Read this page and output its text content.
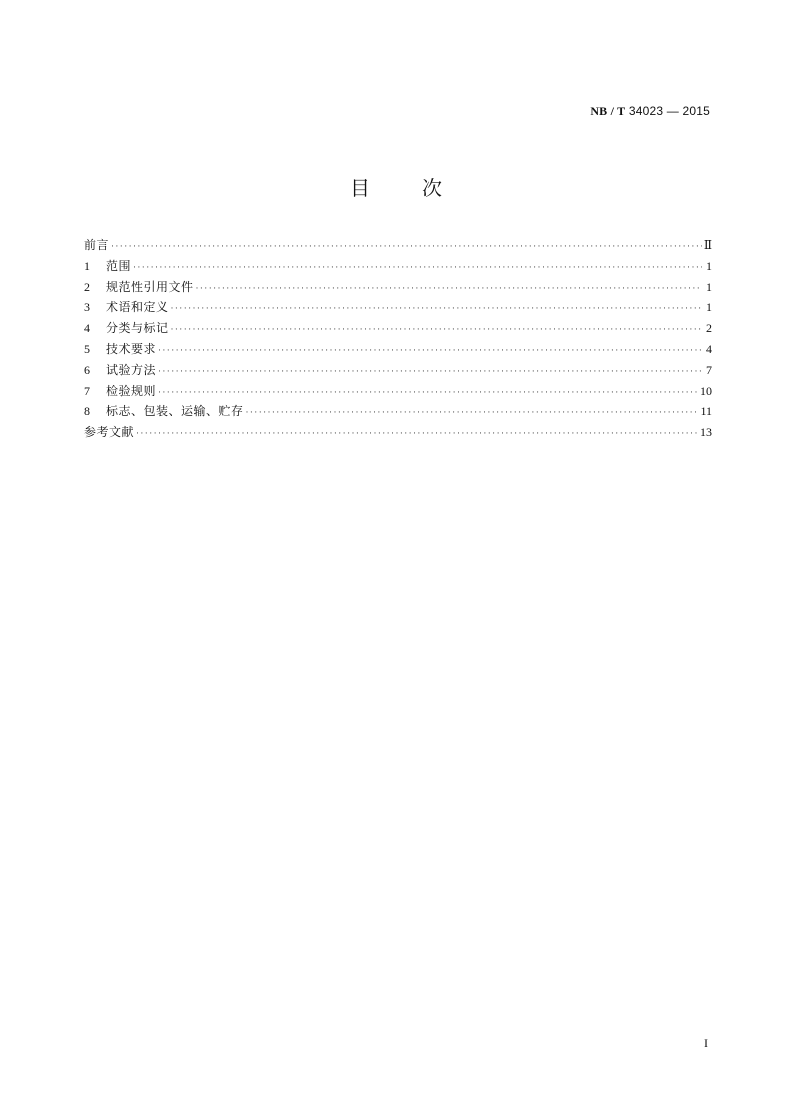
NB / T 34023 — 2015
目	次
前言 ·····	Ⅱ
1	范围 ·····	1
2	规范性引用文件 ·····	1
3	术语和定义 ·····	1
4	分类与标记 ·····	2
5	技术要求 ·····	4
6	试验方法 ·····	7
7	检验规则 ·····	10
8	标志、包装、运输、贮存 ·····	11
参考文献 ·····	13
I
